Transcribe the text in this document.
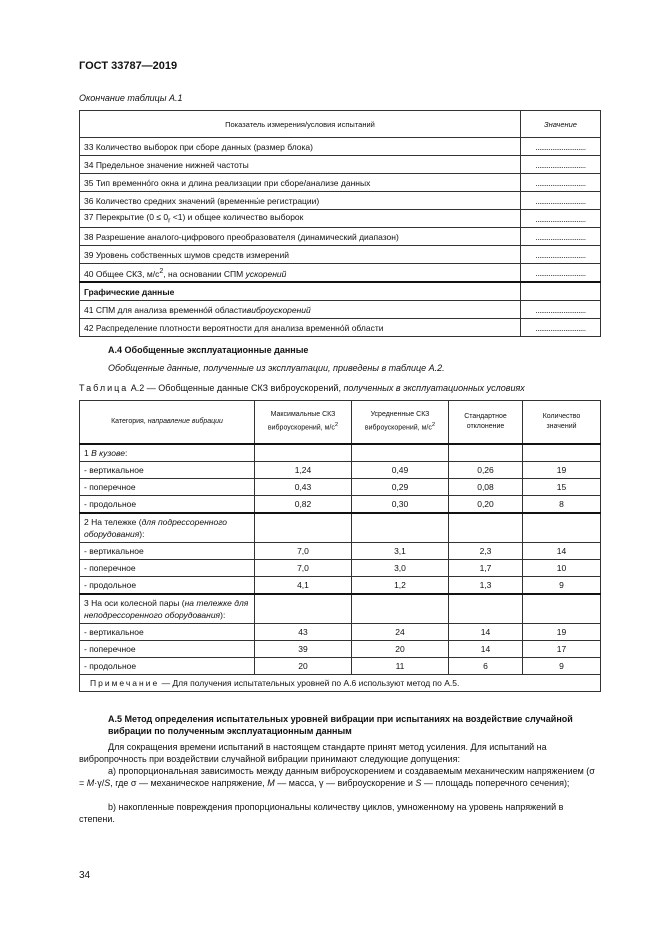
ГОСТ 33787—2019
Окончание таблицы А.1
Показатель измерения/условия испытаний	Значение
33 Количество выборок при сборе данных (размер блока)	...........................
34 Предельное значение нижней частоты	...........................
35 Тип временно́го окна и длина реализации при сборе/анализе данных	...........................
36 Количество средних значений (временны́е регистрации)	...........................
37 Перекрытие $(0 \le 0_r <1)$ и общее количество выборок	...........................
38 Разрешение аналого-цифрового преобразователя (динамический диапазон)	...........................
39 Уровень собственных шумов средств измерений	...........................
40 Общее СКЗ, $м/с^2$, на основании СПМ ускорений	...........................
Графические данные	
41 СПМ для анализа временно́й областивиброускорений	...........................
42 Распределение плотности вероятности для анализа временно́й области	...........................
А.4 Обобщенные эксплуатационные данные
Обобщенные данные, полученные из эксплуатации, приведены в таблице А.2.
Таблица А.2 — Обобщенные данные СКЗ виброускорений, полученных в эксплуатационных условиях
Категория, направление вибрации	Максимальные СКЗ виброускорений, $м/с^2$	Усредненные СКЗ виброускорений, $м/с^2$	Стандартное отклонение	Количество значений
1 В кузове:				
- вертикальное	1,24	0,49	0,26	19
- поперечное	0,43	0,29	0,08	15
- продольное	0,82	0,30	0,20	8
2 На тележке (для подрессоренного оборудования):				
- вертикальное	7,0	3,1	2,3	14
- поперечное	7,0	3,0	1,7	10
- продольное	4,1	1,2	1,3	9
3 На оси колесной пары (на тележке для неподрессоренного оборудования):				
- вертикальное	43	24	14	19
- поперечное	39	20	14	17
- продольное	20	11	6	9
Примечание — Для получения испытательных уровней по А.6 используют метод по А.5.				
А.5 Метод определения испытательных уровней вибрации при испытаниях на воздействие случайной вибрации по полученным эксплуатационным данным
Для сокращения времени испытаний в настоящем стандарте принят метод усиления. Для испытаний на вибропрочность при воздействии случайной вибрации принимают следующие допущения:
а) пропорциональная зависимость между данным виброускорением и создаваемым механическим напряжением (σ = M·γ/S, где σ — механическое напряжение, M — масса, γ — виброускорение и S — площадь поперечного сечения);
b) накопленные повреждения пропорциональны количеству циклов, умноженному на уровень напряжений в степени.
34
